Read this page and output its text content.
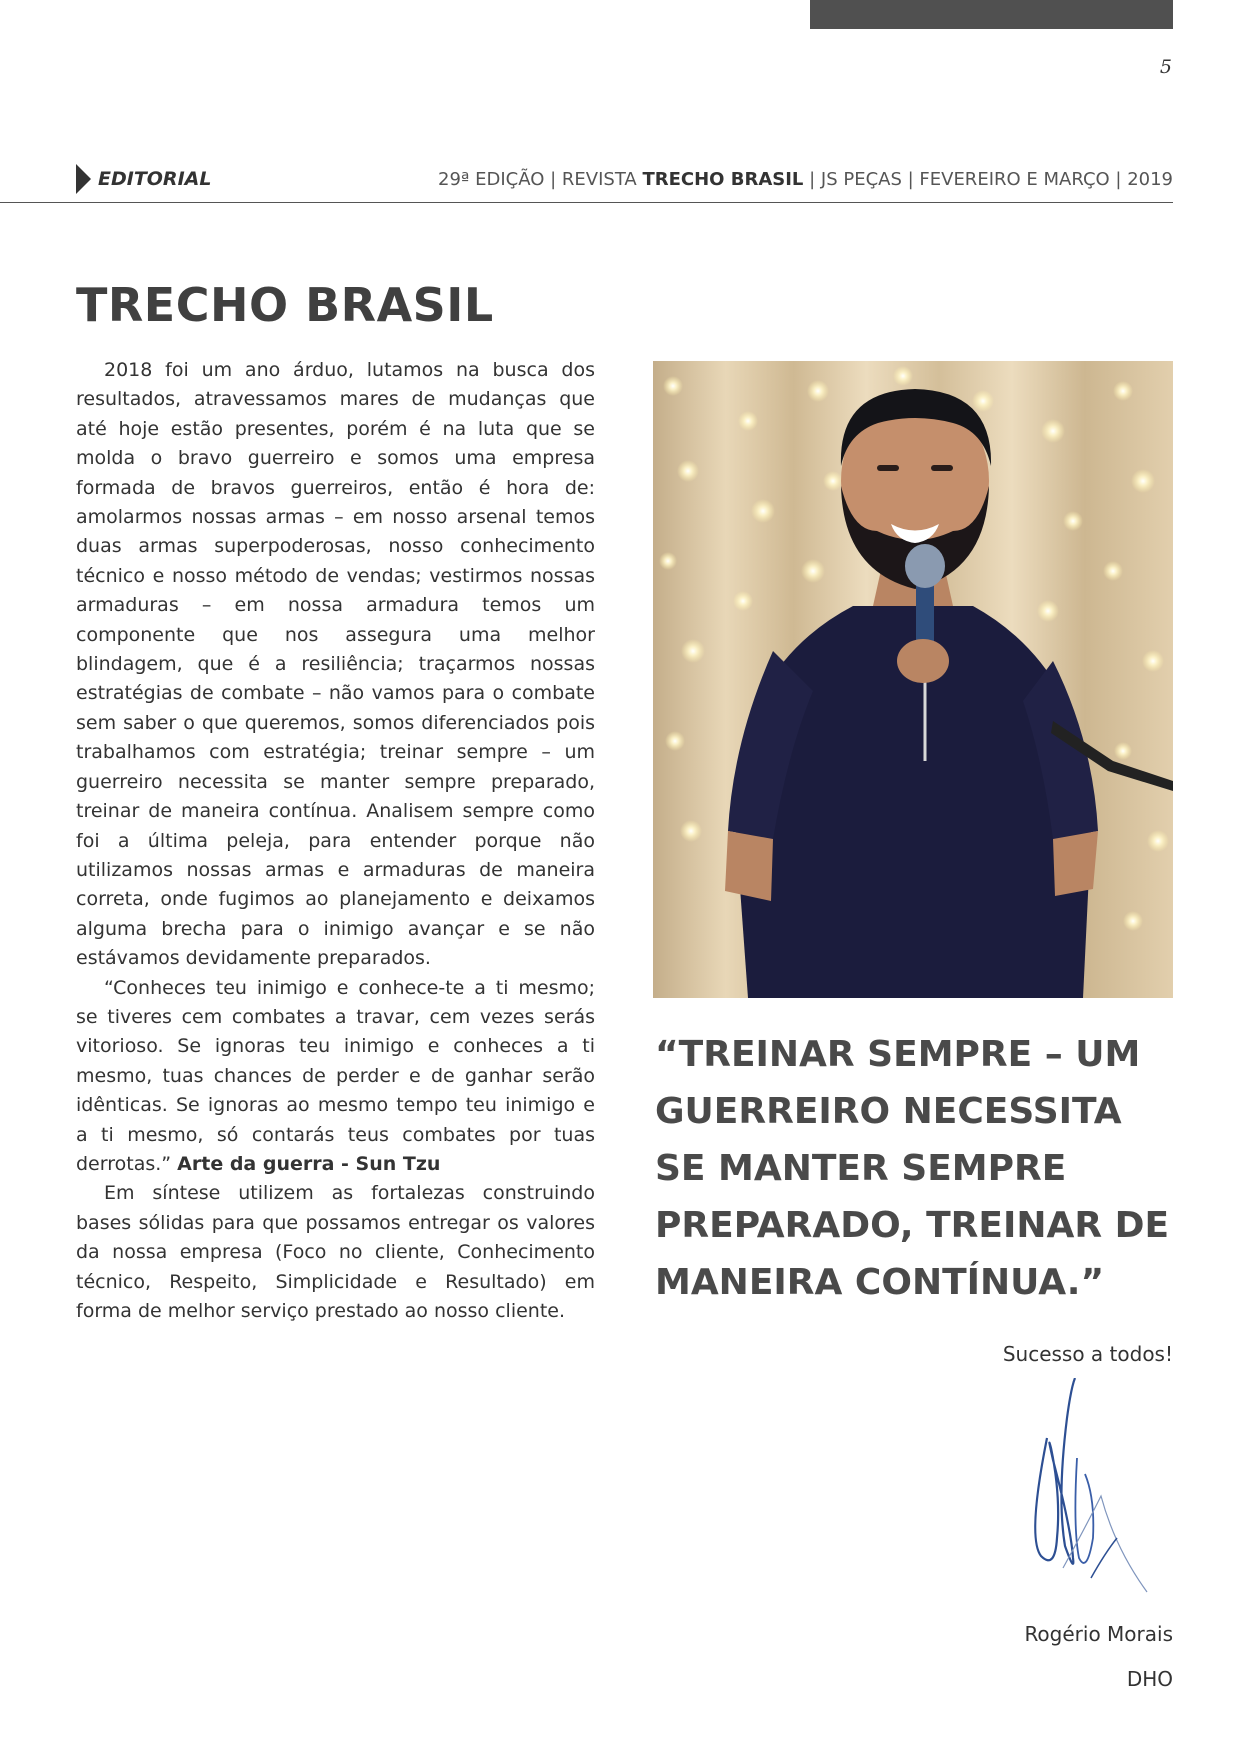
5
EDITORIAL	29ª EDIÇÃO | REVISTA TRECHO BRASIL | JS PEÇAS | FEVEREIRO E MARÇO | 2019
TRECHO BRASIL

2018 foi um ano árduo, lutamos na busca dos resultados, atravessamos mares de mudanças que até hoje estão presentes, porém é na luta que se molda o bravo guerreiro e somos uma empresa formada de bravos guerreiros, então é hora de: amolarmos nossas armas – em nosso arsenal temos duas armas superpoderosas, nosso conhecimento técnico e nosso método de vendas; vestirmos nossas armaduras – em nossa armadura temos um componente que nos assegura uma melhor blindagem, que é a resiliência; traçarmos nossas estratégias de combate – não vamos para o combate sem saber o que queremos, somos diferenciados pois trabalhamos com estratégia; treinar sempre – um guerreiro necessita se manter sempre preparado, treinar de maneira contínua. Analisem sempre como foi a última peleja, para entender porque não utilizamos nossas armas e armaduras de maneira correta, onde fugimos ao planejamento e deixamos alguma brecha para o inimigo avançar e se não estávamos devidamente preparados.

“Conheces teu inimigo e conhece-te a ti mesmo; se tiveres cem combates a travar, cem vezes serás vitorioso. Se ignoras teu inimigo e conheces a ti mesmo, tuas chances de perder e de ganhar serão idênticas. Se ignoras ao mesmo tempo teu inimigo e a ti mesmo, só contarás teus combates por tuas derrotas.” Arte da guerra - Sun Tzu

Em síntese utilizem as fortalezas construindo bases sólidas para que possamos entregar os valores da nossa empresa (Foco no cliente, Conhecimento técnico, Respeito, Simplicidade e Resultado) em forma de melhor serviço prestado ao nosso cliente.

“TREINAR SEMPRE – UM GUERREIRO NECESSITA SE MANTER SEMPRE PREPARADO, TREINAR DE MANEIRA CONTÍNUA.”
Sucesso a todos!
Rogério Morais
DHO
